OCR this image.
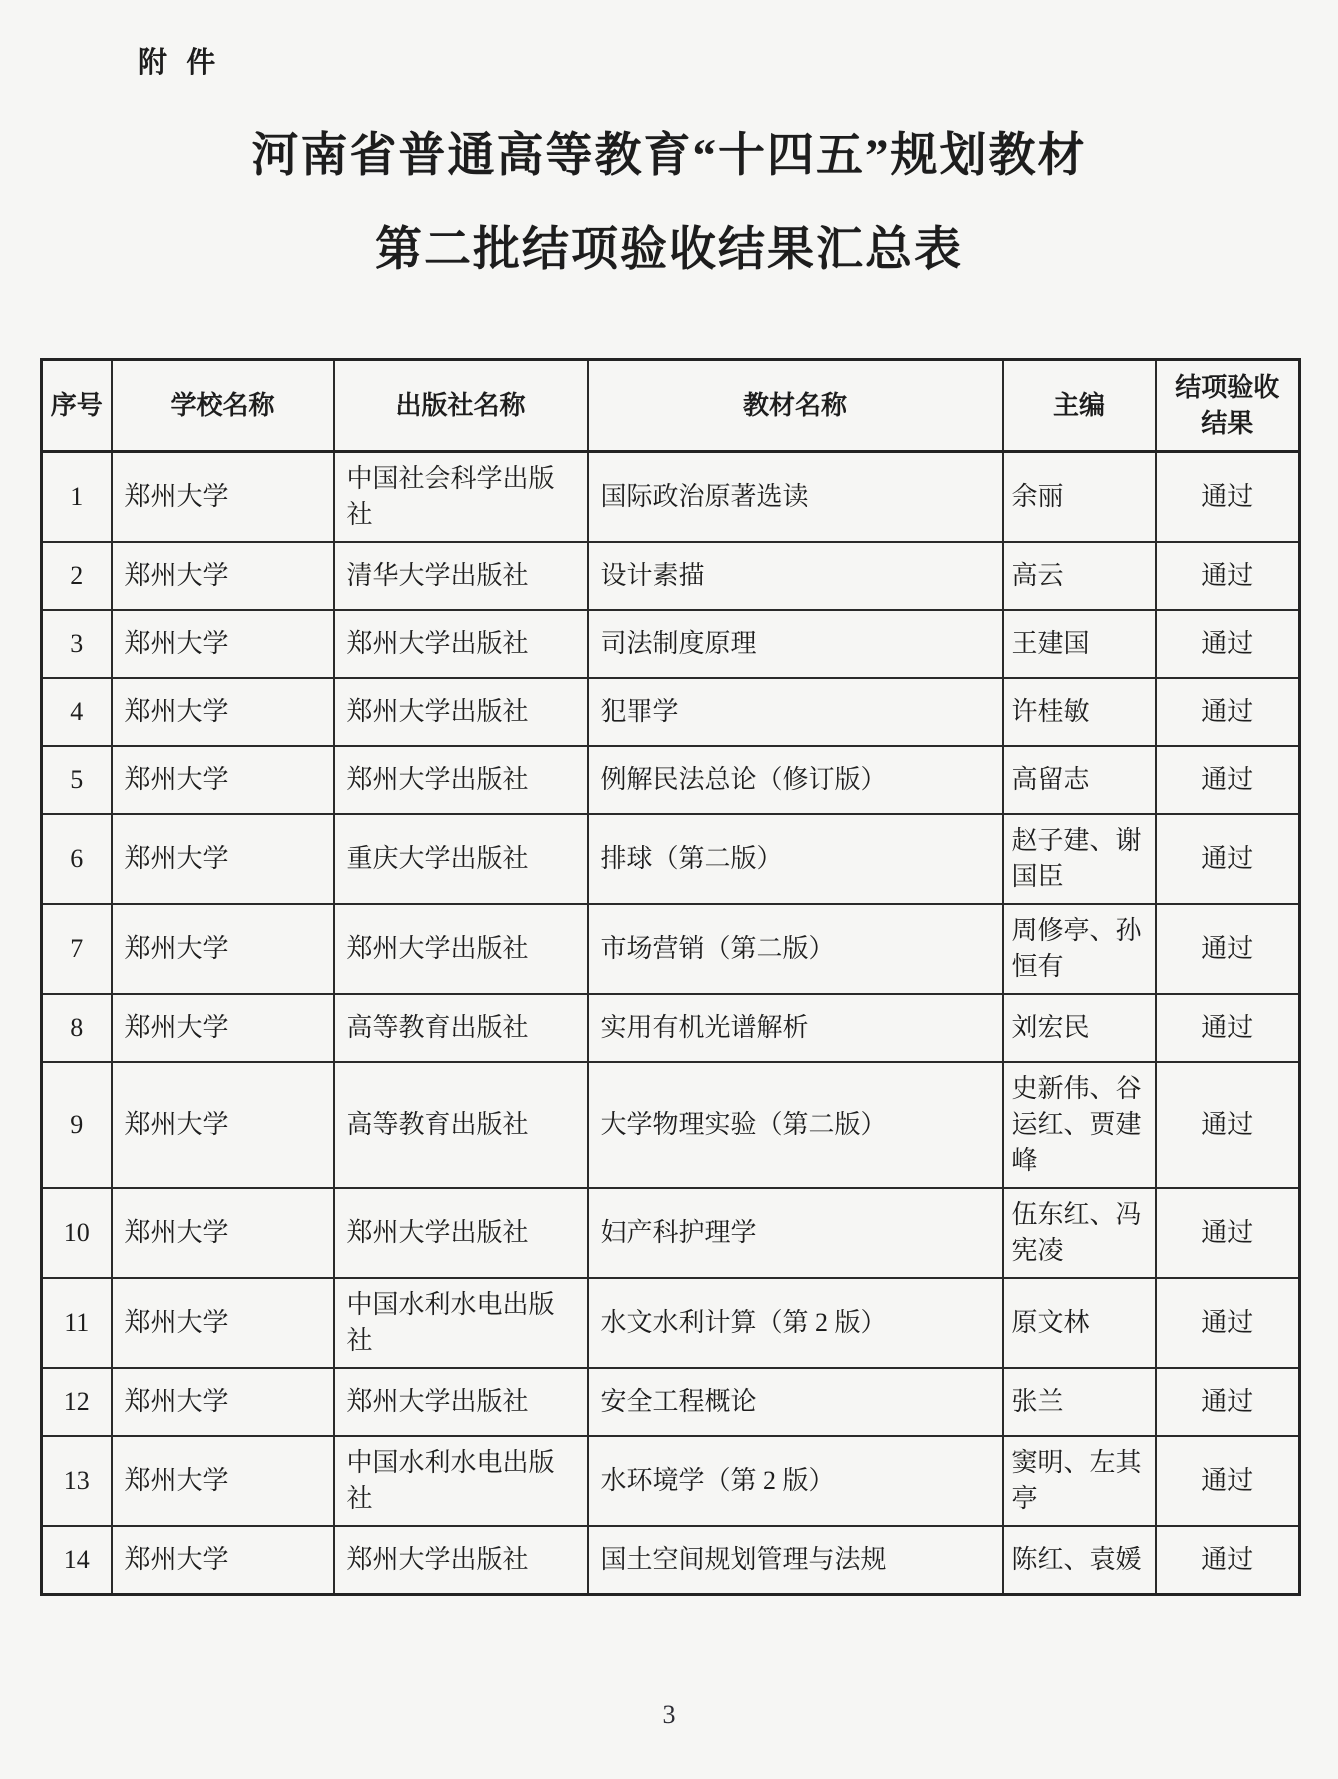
附 件
河南省普通高等教育“十四五”规划教材
第二批结项验收结果汇总表
序号	学校名称	出版社名称	教材名称	主编	结项验收结果
1	郑州大学	中国社会科学出版社	国际政治原著选读	余丽	通过
2	郑州大学	清华大学出版社	设计素描	高云	通过
3	郑州大学	郑州大学出版社	司法制度原理	王建国	通过
4	郑州大学	郑州大学出版社	犯罪学	许桂敏	通过
5	郑州大学	郑州大学出版社	例解民法总论（修订版）	高留志	通过
6	郑州大学	重庆大学出版社	排球（第二版）	赵子建、谢国臣	通过
7	郑州大学	郑州大学出版社	市场营销（第二版）	周修亭、孙恒有	通过
8	郑州大学	高等教育出版社	实用有机光谱解析	刘宏民	通过
9	郑州大学	高等教育出版社	大学物理实验（第二版）	史新伟、谷运红、贾建峰	通过
10	郑州大学	郑州大学出版社	妇产科护理学	伍东红、冯宪凌	通过
11	郑州大学	中国水利水电出版社	水文水利计算（第 2 版）	原文林	通过
12	郑州大学	郑州大学出版社	安全工程概论	张兰	通过
13	郑州大学	中国水利水电出版社	水环境学（第 2 版）	窦明、左其亭	通过
14	郑州大学	郑州大学出版社	国土空间规划管理与法规	陈红、袁媛	通过
3
